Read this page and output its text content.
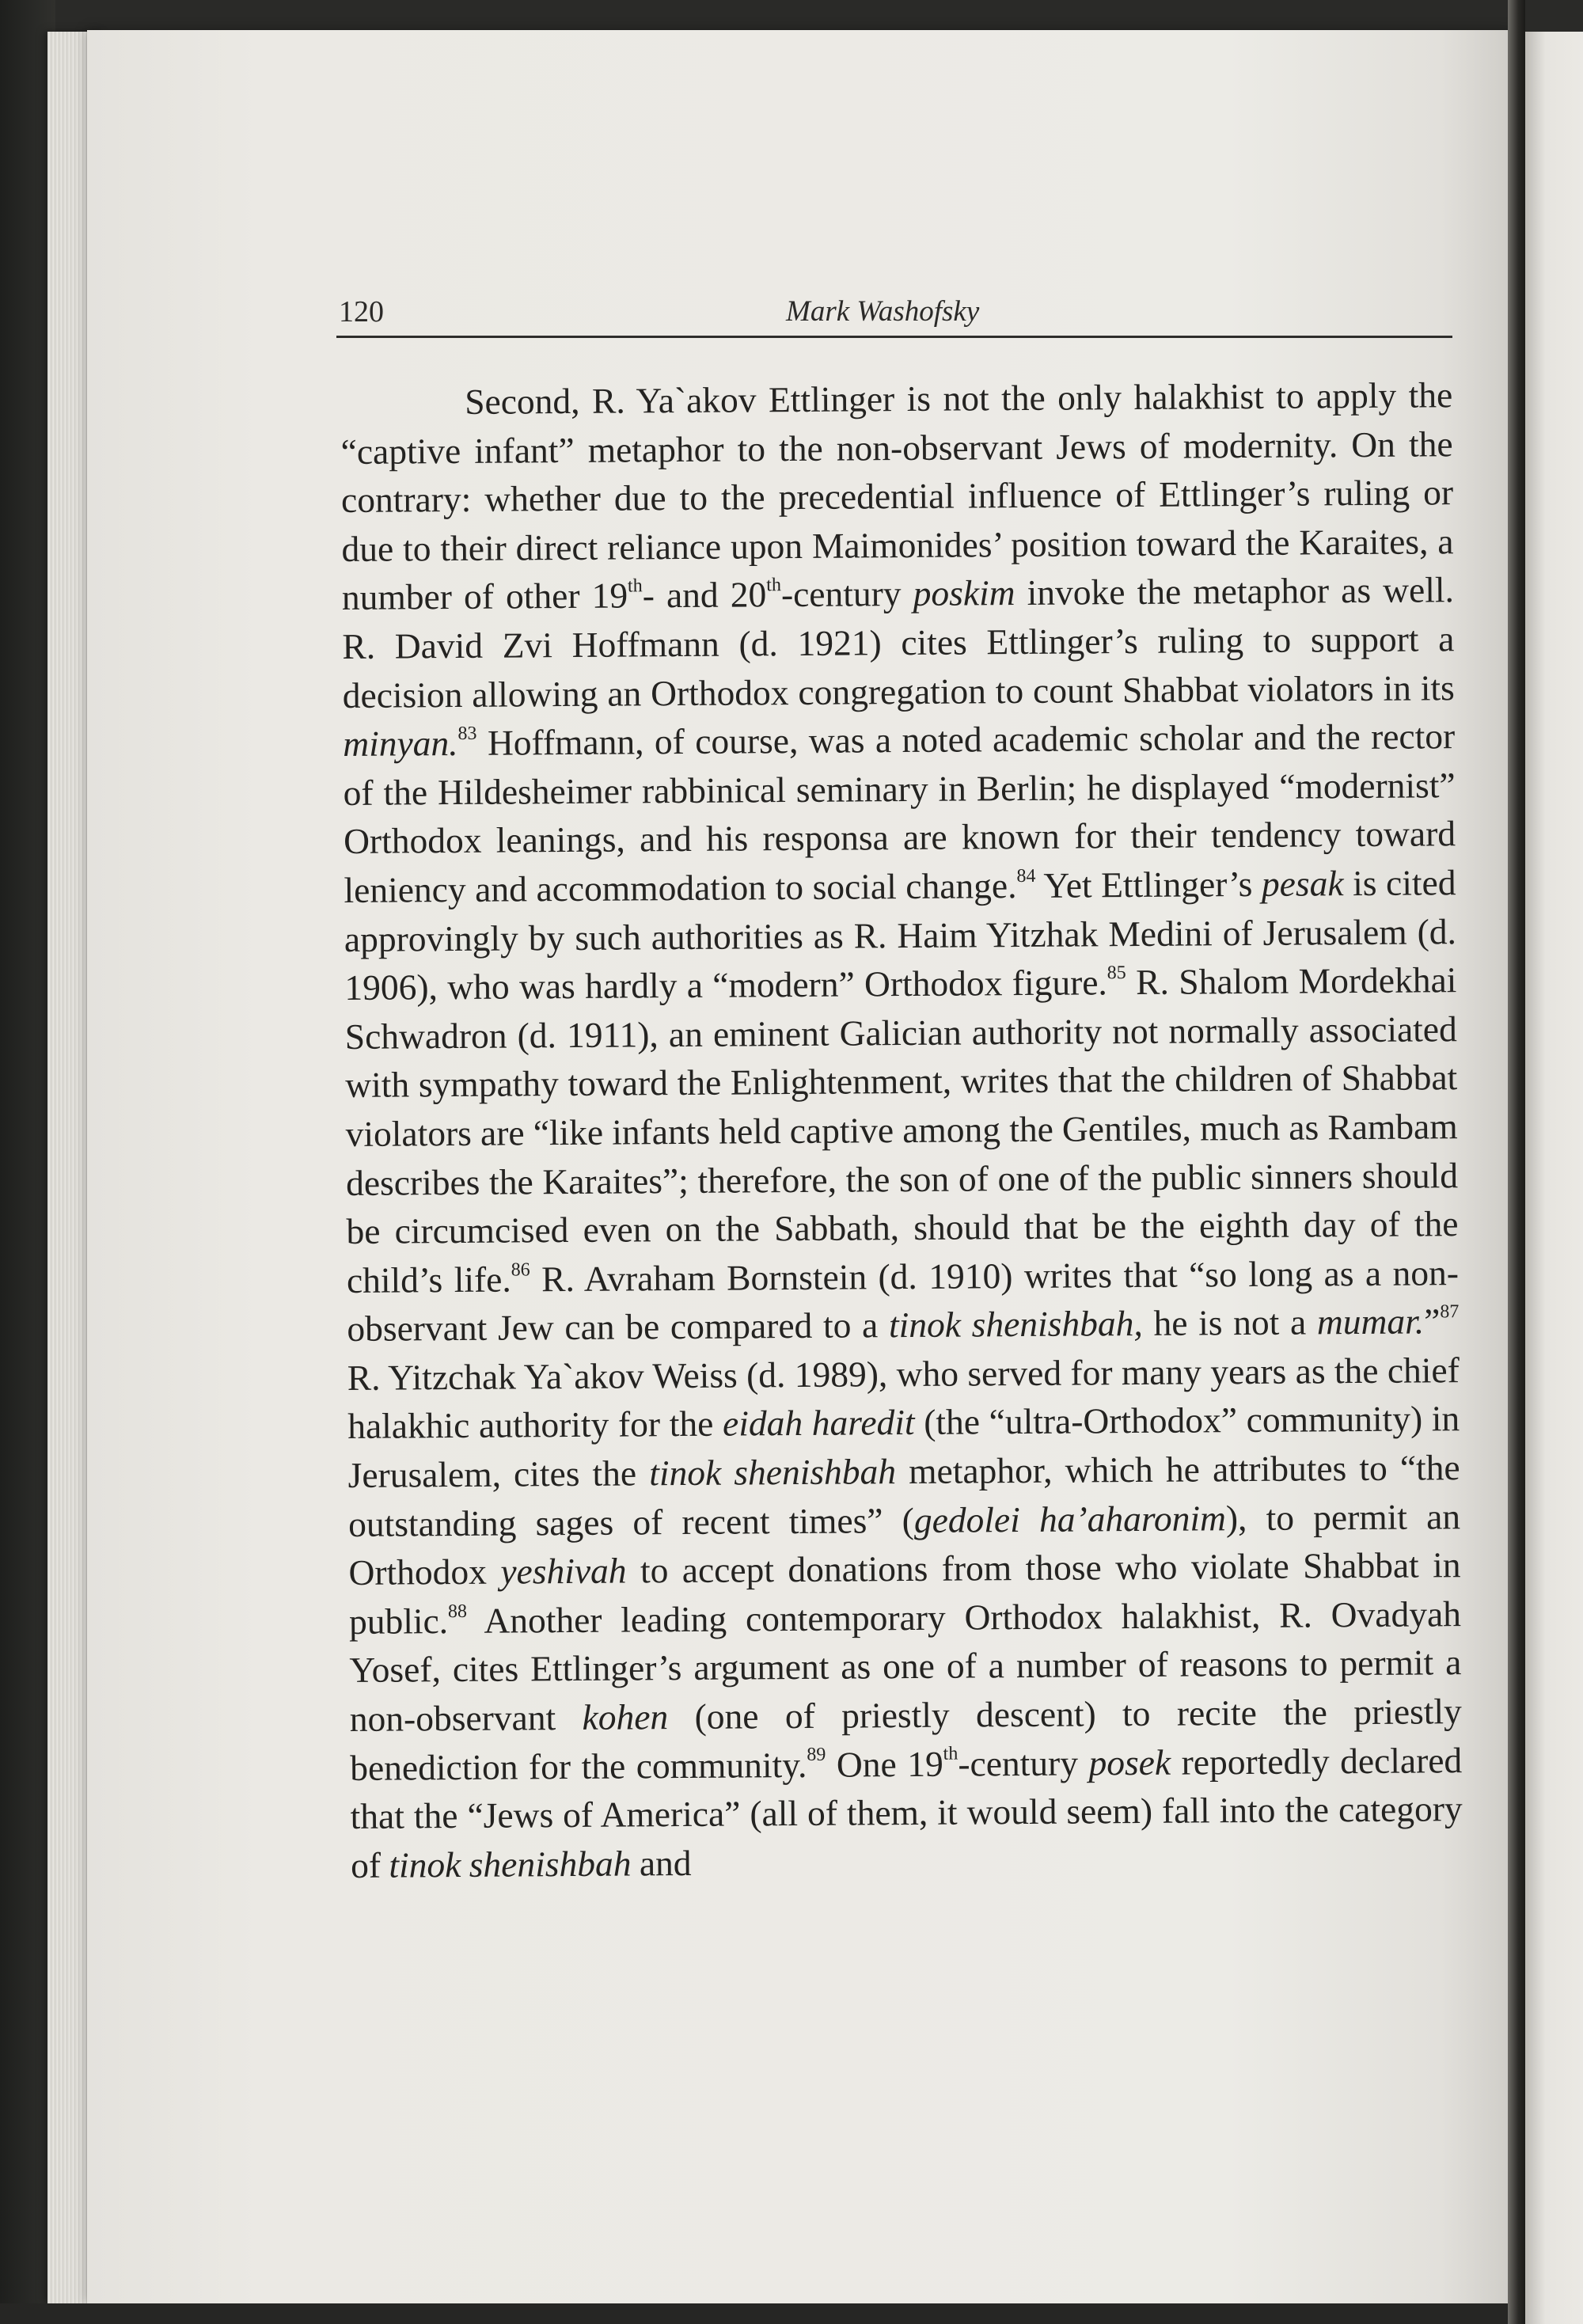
120	Mark Washofsky

Second, R. Ya`akov Ettlinger is not the only halakhist to apply the “captive infant” metaphor to the non-observant Jews of modernity. On the contrary: whether due to the precedential influence of Ettlinger’s ruling or due to their direct reliance upon Maimonides’ position toward the Karaites, a number of other 19th- and 20th-century poskim invoke the metaphor as well. R. David Zvi Hoffmann (d. 1921) cites Ettlinger’s ruling to support a decision allowing an Orthodox congregation to count Shabbat violators in its minyan.$^{83}$ Hoffmann, of course, was a noted academic scholar and the rector of the Hildesheimer rabbinical seminary in Berlin; he displayed “modernist” Orthodox leanings, and his responsa are known for their tendency toward leniency and accommodation to social change.$^{84}$ Yet Ettlinger’s pesak is cited approvingly by such authorities as R. Haim Yitzhak Medini of Jerusalem (d. 1906), who was hardly a “modern” Orthodox figure.$^{85}$ R. Shalom Mordekhai Schwadron (d. 1911), an eminent Galician authority not normally associated with sympathy toward the Enlightenment, writes that the children of Shabbat violators are “like infants held captive among the Gentiles, much as Rambam describes the Karaites”; therefore, the son of one of the public sinners should be circumcised even on the Sabbath, should that be the eighth day of the child’s life.$^{86}$ R. Avraham Bornstein (d. 1910) writes that “so long as a non-observant Jew can be compared to a tinok shenishbah, he is not a mumar.”$^{87}$ R. Yitzchak Ya`akov Weiss (d. 1989), who served for many years as the chief halakhic authority for the eidah haredit (the “ultra-Orthodox” community) in Jerusalem, cites the tinok shenishbah metaphor, which he attributes to “the outstanding sages of recent times” (gedolei ha’aharonim), to permit an Orthodox yeshivah to accept donations from those who violate Shabbat in public.$^{88}$ Another leading contemporary Orthodox halakhist, R. Ovadyah Yosef, cites Ettlinger’s argument as one of a number of reasons to permit a non-observant kohen (one of priestly descent) to recite the priestly benediction for the community.$^{89}$ One 19th-century posek reportedly declared that the “Jews of America” (all of them, it would seem) fall into the category of tinok shenishbah and
